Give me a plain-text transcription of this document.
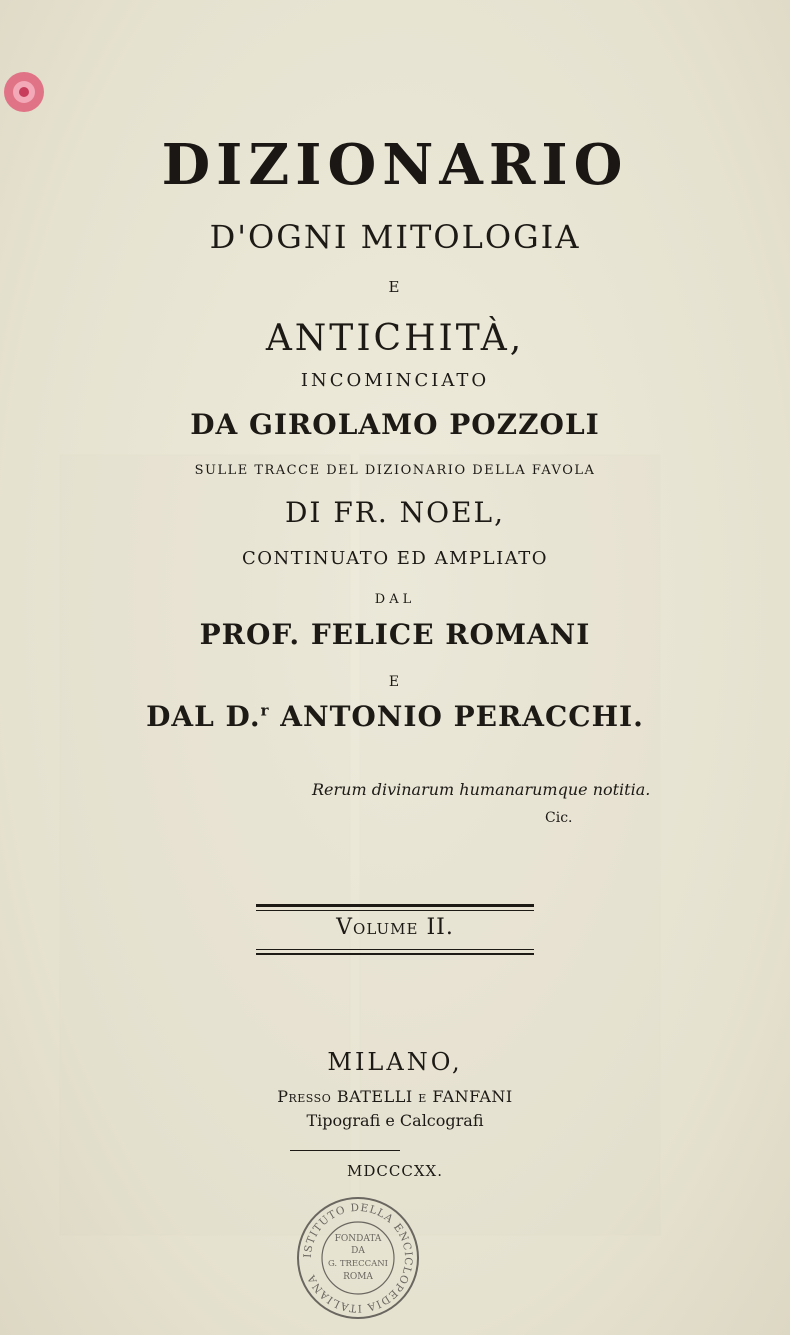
DIZIONARIO
D'OGNI MITOLOGIA
E
ANTICHITÀ,
INCOMINCIATO
DA GIROLAMO POZZOLI
SULLE TRACCE DEL DIZIONARIO DELLA FAVOLA
DI FR. NOEL,
CONTINUATO ED AMPLIATO
DAL
PROF. FELICE ROMANI
E
DAL D.$^r$ ANTONIO PERACCHI.
Rerum divinarum humanarumque notitia.
Cic.
Volume II.
MILANO,
Presso BATELLI e FANFANI
Tipografi e Calcografi
MDCCCXX.
ISTITUTO DELLA ENCICLOPEDIA ITALIANA
FONDATA
DA
G. TRECCANI
ROMA
